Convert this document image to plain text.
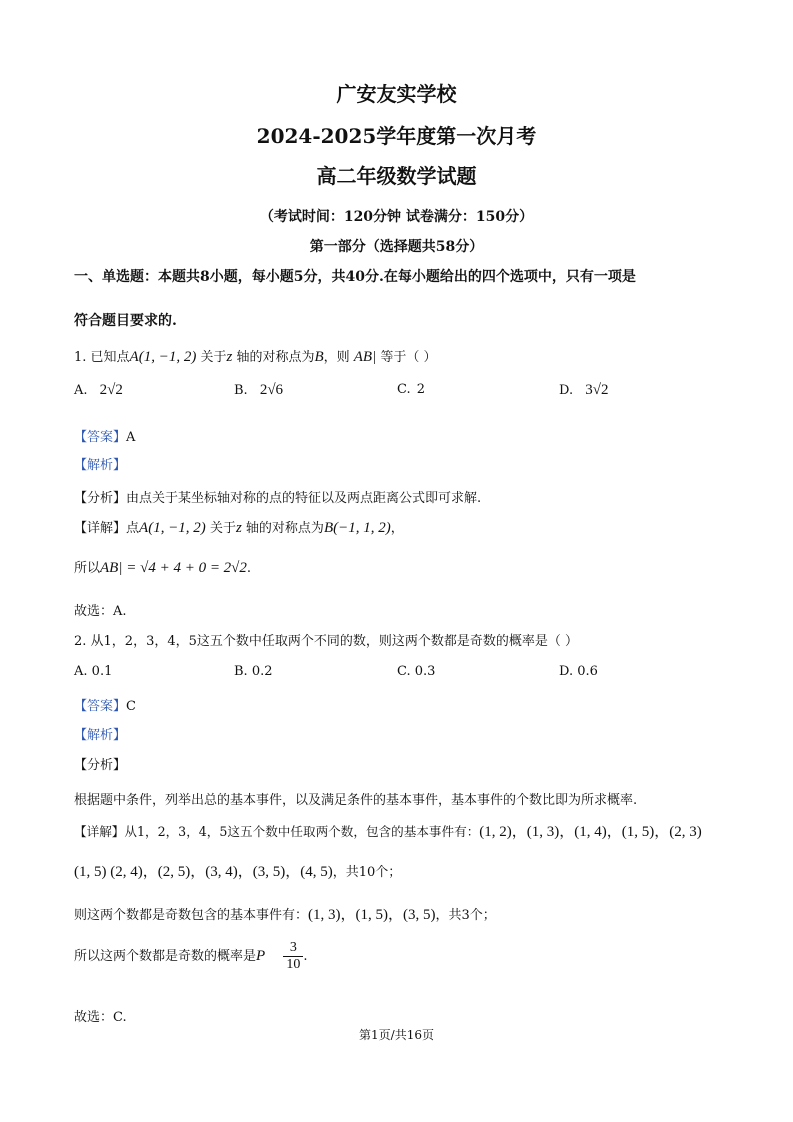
广安友实学校
2024-2025学年度第一次月考
高二年级数学试题
（考试时间：120分钟 试卷满分：150分）
第一部分（选择题共58分）
一、单选题：本题共8小题，每小题5分，共40分.在每小题给出的四个选项中，只有一项是
符合题目要求的.
1. 已知点A(1, −1, 2) 关于z 轴的对称点为B，则 AB| 等于（ ）
A. 2√2	B. 2√6	C. 2	D. 3√2
【答案】A
【解析】
【分析】由点关于某坐标轴对称的点的特征以及两点距离公式即可求解.
【详解】点A(1, −1, 2) 关于z 轴的对称点为B(−1, 1, 2)，
所以AB| = √4 + 4 + 0 = 2√2.
故选：A.
2. 从1，2，3，4，5这五个数中任取两个不同的数，则这两个数都是奇数的概率是（ ）
A. 0.1	B. 0.2	C. 0.3	D. 0.6
【答案】C
【解析】
【分析】
根据题中条件，列举出总的基本事件，以及满足条件的基本事件，基本事件的个数比即为所求概率.
【详解】从1，2，3，4，5这五个数中任取两个数，包含的基本事件有：(1, 2)，(1, 3)，(1, 4)，(1, 5)，(2, 3)
(1, 5) (2, 4)，(2, 5)，(3, 4)，(3, 5)，(4, 5)，共10个；
则这两个数都是奇数包含的基本事件有：(1, 3)，(1, 5)，(3, 5)，共3个；
所以这两个数都是奇数的概率是P $\frac{3}{10}$ .
故选：C.
第1页/共16页
